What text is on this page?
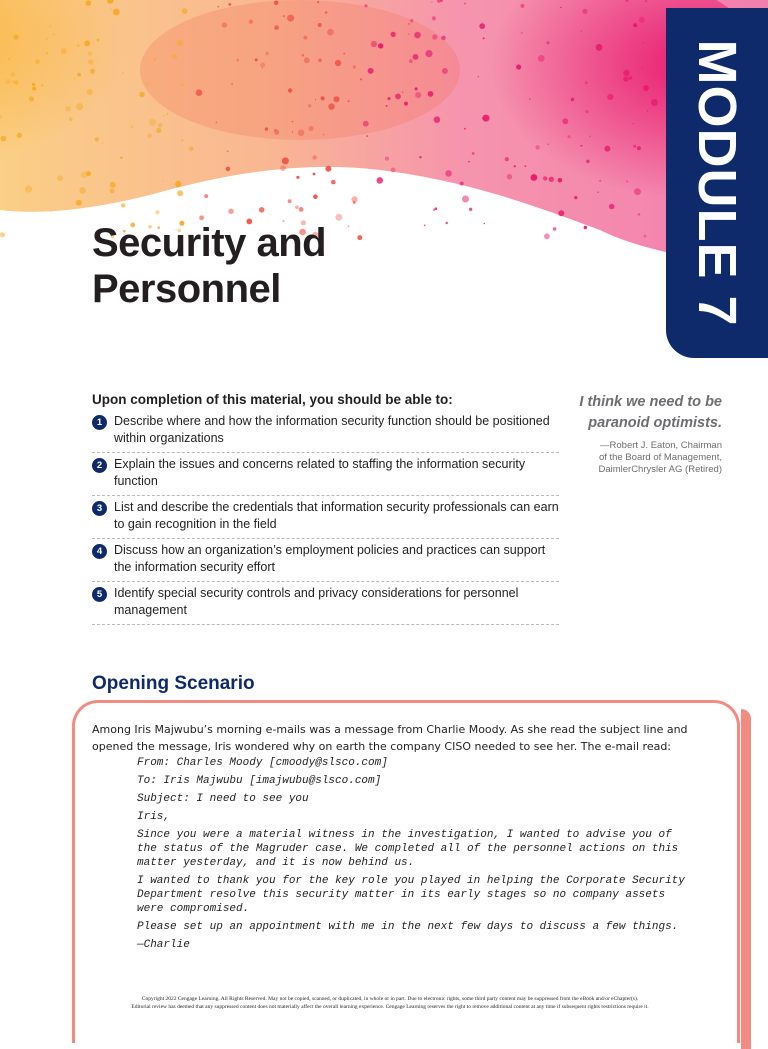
MODULE 7
Security and
Personnel
Upon completion of this material, you should be able to:
1 Describe where and how the information security function should be positioned within organizations
2 Explain the issues and concerns related to staffing the information security function
3 List and describe the credentials that information security professionals can earn to gain recognition in the field
4 Discuss how an organization’s employment policies and practices can support the information security effort
5 Identify special security controls and privacy considerations for personnel management
I think we need to be
paranoid optimists.
—Robert J. Eaton, Chairman
of the Board of Management,
DaimlerChrysler AG (Retired)
Opening Scenario
Among Iris Majwubu’s morning e-mails was a message from Charlie Moody. As she read the subject line and opened the message, Iris wondered why on earth the company CISO needed to see her. The e-mail read:

From: Charles Moody [cmoody@slsco.com]

To: Iris Majwubu [imajwubu@slsco.com]

Subject: I need to see you

Iris,

Since you were a material witness in the investigation, I wanted to advise you of the status of the Magruder case. We completed all of the personnel actions on this matter yesterday, and it is now behind us.

I wanted to thank you for the key role you played in helping the Corporate Security Department resolve this security matter in its early stages so no company assets were compromised.

Please set up an appointment with me in the next few days to discuss a few things.

—Charlie

Copyright 2022 Cengage Learning. All Rights Reserved. May not be copied, scanned, or duplicated, in whole or in part. Due to electronic rights, some third party content may be suppressed from the eBook and/or eChapter(s).
Editorial review has deemed that any suppressed content does not materially affect the overall learning experience. Cengage Learning reserves the right to remove additional content at any time if subsequent rights restrictions require it.
